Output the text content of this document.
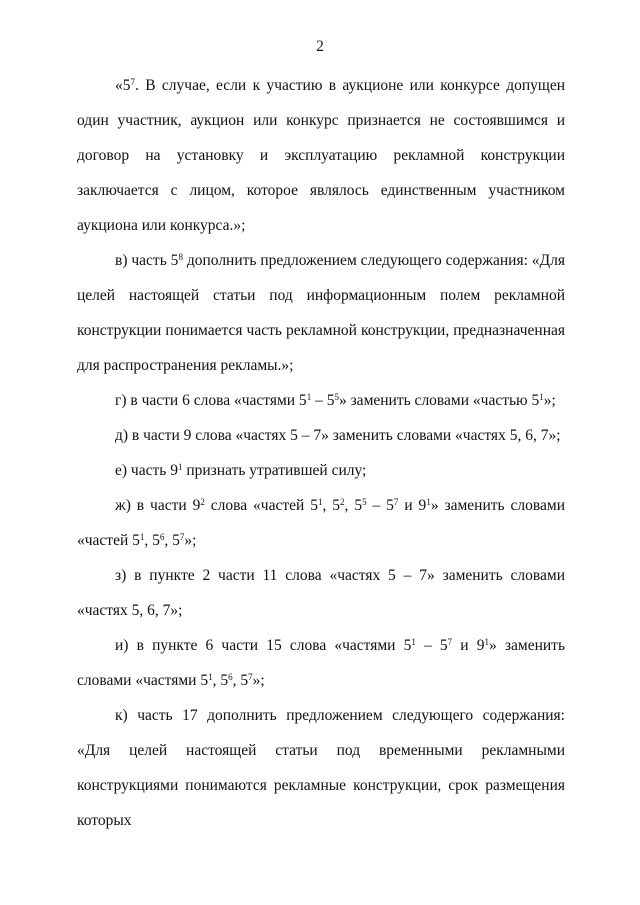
2

«$5^7$. В случае, если к участию в аукционе или конкурсе допущен один участник, аукцион или конкурс признается не состоявшимся и договор на установку и эксплуатацию рекламной конструкции заключается с лицом, которое являлось единственным участником аукциона или конкурса.»;

в) часть $5^8$ дополнить предложением следующего содержания: «Для целей настоящей статьи под информационным полем рекламной конструкции понимается часть рекламной конструкции, предназначенная для распространения рекламы.»;

г) в части 6 слова «частями $5^1 - 5^5$» заменить словами «частью $5^1$»;

д) в части 9 слова «частях 5 – 7» заменить словами «частях 5, 6, 7»;

е) часть $9^1$ признать утратившей силу;

ж) в части $9^2$ слова «частей $5^1$, $5^2$, $5^5 - 5^7$ и $9^1$» заменить словами «частей $5^1$, $5^6$, $5^7$»;

з) в пункте 2 части 11 слова «частях 5 – 7» заменить словами «частях 5, 6, 7»;

и) в пункте 6 части 15 слова «частями $5^1 - 5^7$ и $9^1$» заменить словами «частями $5^1$, $5^6$, $5^7$»;

к) часть 17 дополнить предложением следующего содержания: «Для целей настоящей статьи под временными рекламными конструкциями понимаются рекламные конструкции, срок размещения которых
